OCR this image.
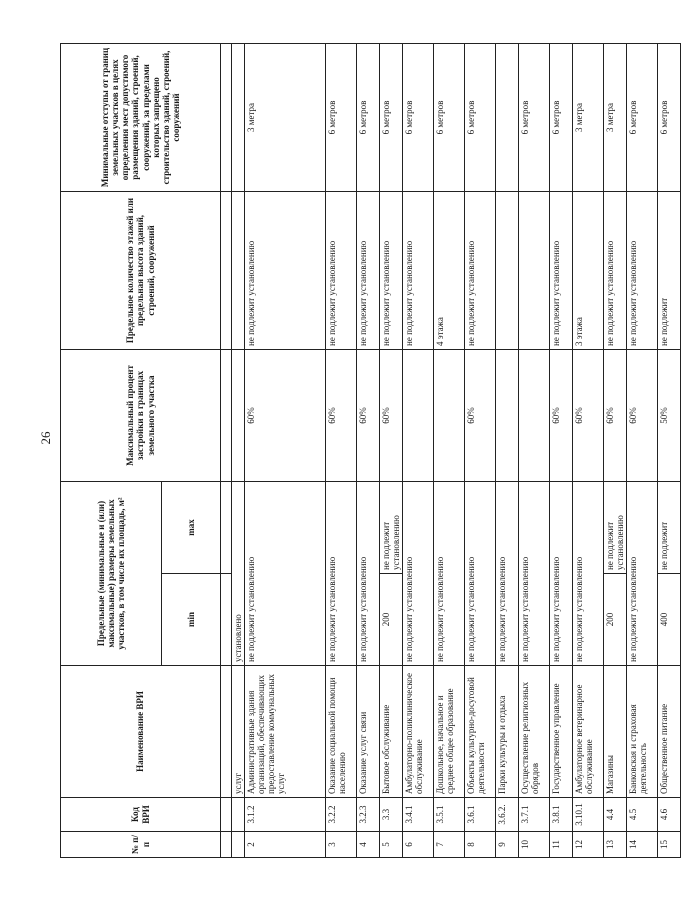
26
№ п/п	Код ВРИ	Наименование ВРИ	Предельные (минимальные и (или) максимальные) размеры земельных участков, в том числе их площадь, м²		Максимальный процент застройки в границах земельного участка	Предельное количество этажей или предельная высота зданий, строений, сооружений	Минимальные отступы от границ земельных участков в целях определения мест допустимого размещения зданий, строений, сооружений, за пределами которых запрещено строительство зданий, строений, сооружений
			min	max			

		услуг	установлено				
2	3.1.2	Административные здания организаций, обеспечивающих предоставление коммунальных услуг	не подлежит установлению		60%	не подлежит установлению	3 метра
3	3.2.2	Оказание социальной помощи населению	не подлежит установлению		60%	не подлежит установлению	6 метров
4	3.2.3	Оказание услуг связи	не подлежит установлению		60%	не подлежит установлению	6 метров
5	3.3	Бытовое обслуживание	200	не подлежит установлению	60%	не подлежит установлению	6 метров
6	3.4.1	Амбулаторно-поликлиническое обслуживание	не подлежит установлению			не подлежит установлению	6 метров
7	3.5.1	Дошкольное, начальное и среднее общее образование	не подлежит установлению			4 этажа	6 метров
8	3.6.1	Объекты культурно-досуговой деятельности	не подлежит установлению		60%	не подлежит установлению	6 метров
9	3.6.2.	Парки культуры и отдыха	не подлежит установлению				
10	3.7.1	Осуществление религиозных обрядов	не подлежит установлению				6 метров
11	3.8.1	Государственное управление	не подлежит установлению		60%	не подлежит установлению	6 метров
12	3.10.1	Амбулаторное ветеринарное обслуживание	не подлежит установлению		60%	3 этажа	3 метра
13	4.4	Магазины	200	не подлежит установлению	60%	не подлежит установлению	3 метра
14	4.5	Банковская и страховая деятельность	не подлежит установлению		60%	не подлежит установлению	6 метров
15	4.6	Общественное питание	400	не подлежит	50%	не подлежит	6 метров
